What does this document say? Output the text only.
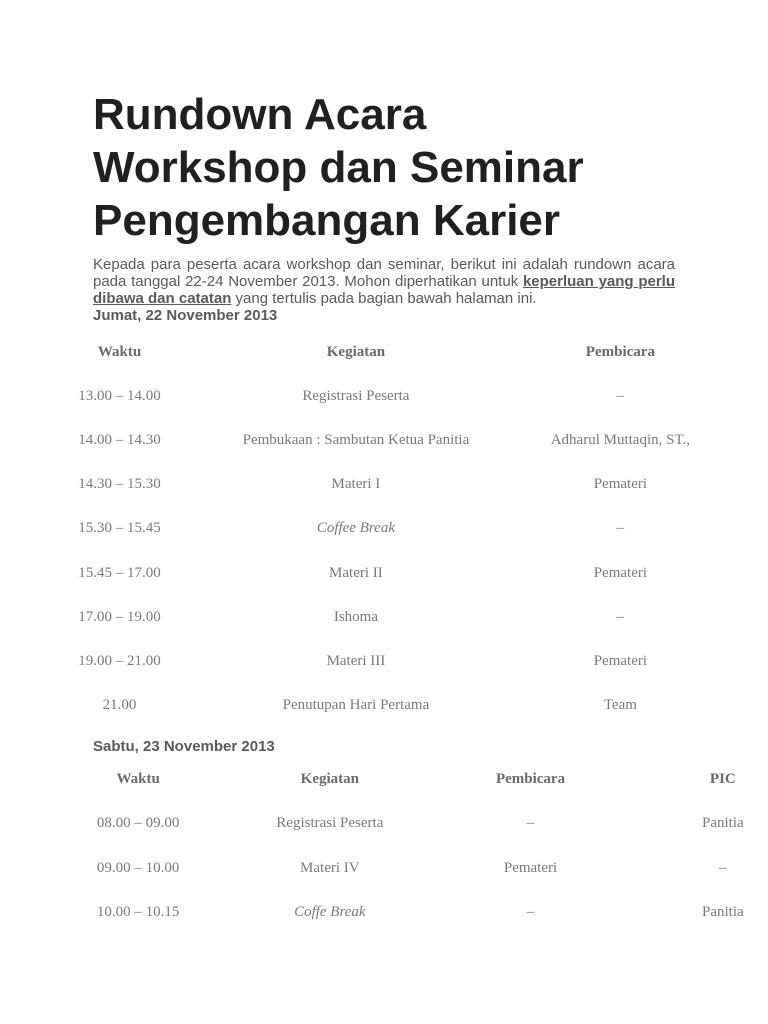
Rundown Acara
Workshop dan Seminar
Pengembangan Karier

Kepada para peserta acara workshop dan seminar, berikut ini adalah rundown acara pada tanggal 22-24 November 2013. Mohon diperhatikan untuk keperluan yang perlu dibawa dan catatan yang tertulis pada bagian bawah halaman ini.

Jumat, 22 November 2013

Waktu	Kegiatan	Pembicara
13.00 – 14.00	Registrasi Peserta	–
14.00 – 14.30	Pembukaan : Sambutan Ketua Panitia	Adharul Muttaqin, ST.,
14.30 – 15.30	Materi I	Pemateri
15.30 – 15.45	Coffee Break	–
15.45 – 17.00	Materi II	Pemateri
17.00 – 19.00	Ishoma	–
19.00 – 21.00	Materi III	Pemateri
21.00	Penutupan Hari Pertama	Team

Sabtu, 23 November 2013

Waktu	Kegiatan	Pembicara	PIC
08.00 – 09.00	Registrasi Peserta	–	Panitia
09.00 – 10.00	Materi IV	Pemateri	–
10.00 – 10.15	Coffe Break	–	Panitia
